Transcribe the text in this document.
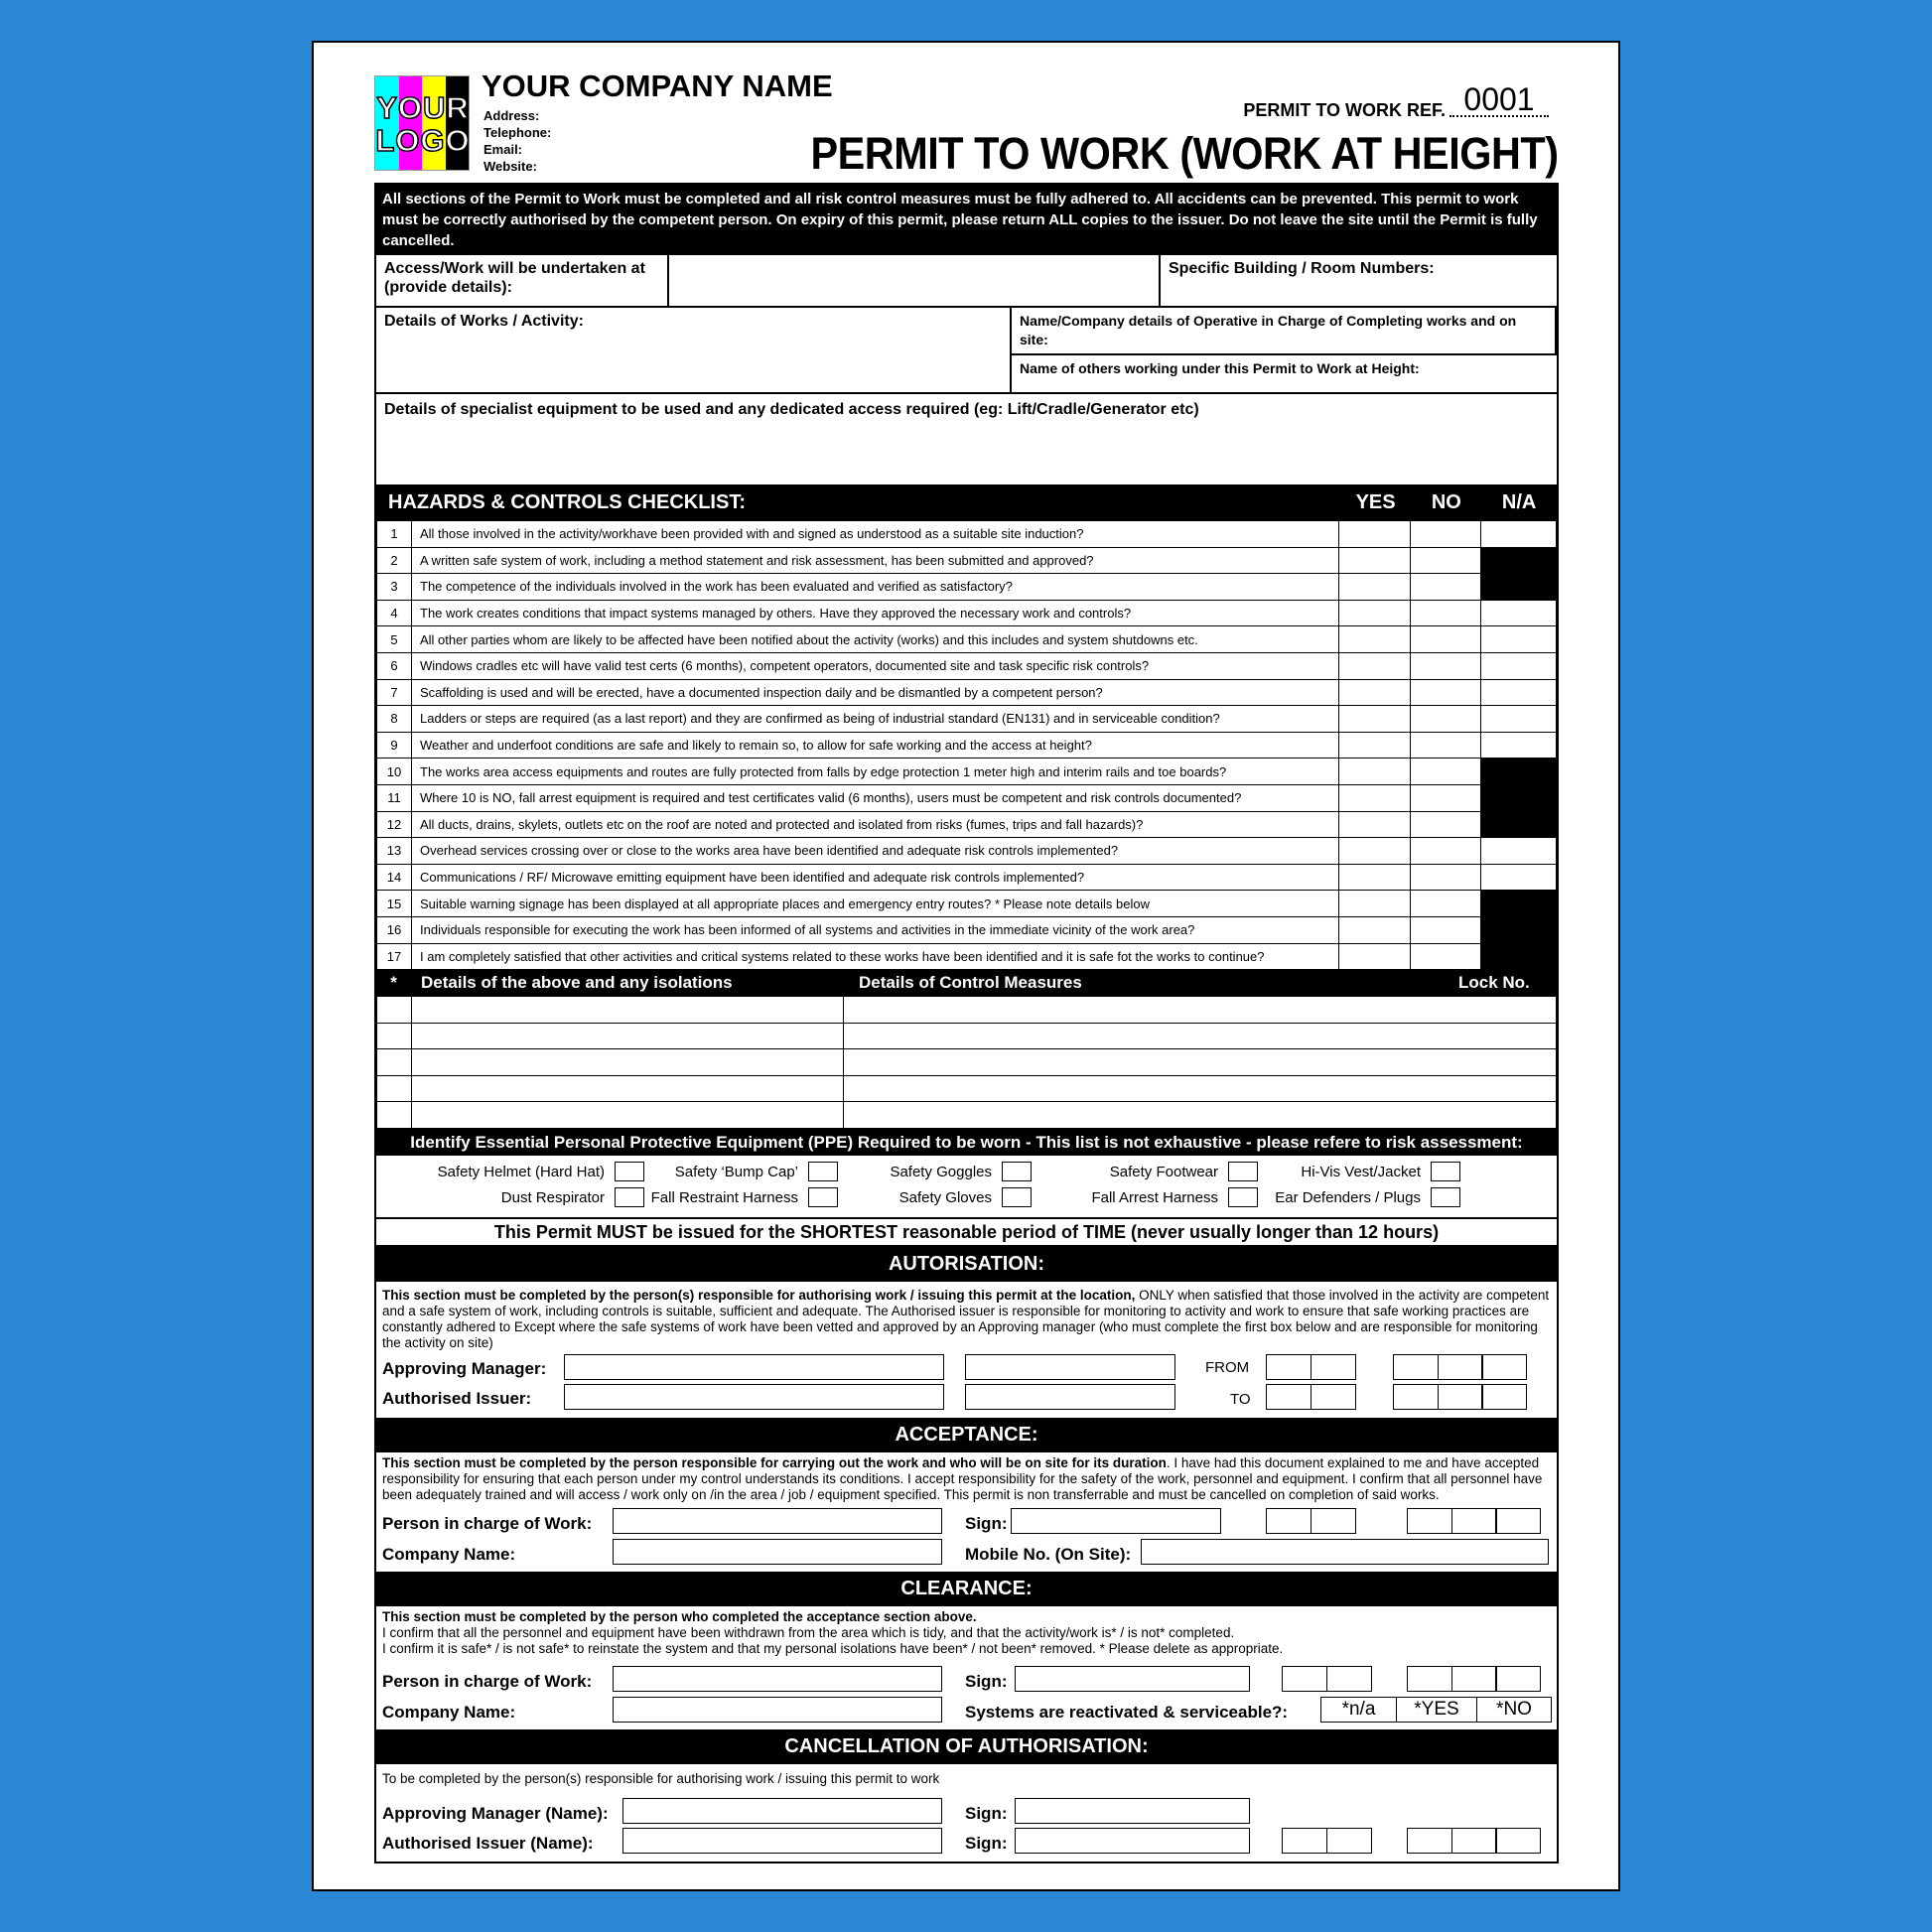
YOUR LOGO
YOUR COMPANY NAME
Address:
Telephone:
Email:
Website:
PERMIT TO WORK REF. 0001
PERMIT TO WORK (WORK AT HEIGHT)
All sections of the Permit to Work must be completed and all risk control measures must be fully adhered to. All accidents can be prevented. This permit to work must be correctly authorised by the competent person. On expiry of this permit, please return ALL copies to the issuer. Do not leave the site until the Permit is fully cancelled.
Access/Work will be undertaken at (provide details):
Specific Building / Room Numbers:
Details of Works / Activity:	Name/Company details of Operative in Charge of Completing works and on site:
Name of others working under this Permit to Work at Height:
Details of specialist equipment to be used and any dedicated access required (eg: Lift/Cradle/Generator etc)
HAZARDS & CONTROLS CHECKLIST:	YES	NO	N/A
1	All those involved in the activity/workhave been provided with and signed as understood as a suitable site induction?			
2	A written safe system of work, including a method statement and risk assessment, has been submitted and approved?			
3	The competence of the individuals involved in the work has been evaluated and verified as satisfactory?			
4	The work creates conditions that impact systems managed by others. Have they approved the necessary work and controls?			
5	All other parties whom are likely to be affected have been notified about the activity (works) and this includes and system shutdowns etc.			
6	Windows cradles etc will have valid test certs (6 months), competent operators, documented site and task specific risk controls?			
7	Scaffolding is used and will be erected, have a documented inspection daily and be dismantled by a competent person?			
8	Ladders or steps are required (as a last report) and they are confirmed as being of industrial standard (EN131) and in serviceable condition?			
9	Weather and underfoot conditions are safe and likely to remain so, to allow for safe working and the access at height?			
10	The works area access equipments and routes are fully protected from falls by edge protection 1 meter high and interim rails and toe boards?			
11	Where 10 is NO, fall arrest equipment is required and test certificates valid (6 months), users must be competent and risk controls documented?			
12	All ducts, drains, skylets, outlets etc on the roof are noted and protected and isolated from risks (fumes, trips and fall hazards)?			
13	Overhead services crossing over or close to the works area have been identified and adequate risk controls implemented?			
14	Communications / RF/ Microwave emitting equipment have been identified and adequate risk controls implemented?			
15	Suitable warning signage has been displayed at all appropriate places and emergency entry routes? * Please note details below			
16	Individuals responsible for executing the work has been informed of all systems and activities in the immediate vicinity of the work area?			
17	I am completely satisfied that other activities and critical systems related to these works have been identified and it is safe fot the works to continue?			
*	Details of the above and any isolations	Details of Control Measures	Lock No.

Identify Essential Personal Protective Equipment (PPE) Required to be worn - This list is not exhaustive - please refere to risk assessment:
Safety Helmet (Hard Hat)	Safety ‘Bump Cap’	Safety Goggles	Safety Footwear	Hi-Vis Vest/Jacket
Dust Respirator	Fall Restraint Harness	Safety Gloves	Fall Arrest Harness	Ear Defenders / Plugs
This Permit MUST be issued for the SHORTEST reasonable period of TIME (never usually longer than 12 hours)
AUTORISATION:
This section must be completed by the person(s) responsible for authorising work / issuing this permit at the location, ONLY when satisfied that those involved in the activity are competent and a safe system of work, including controls is suitable, sufficient and adequate. The Authorised issuer is responsible for monitoring to activity and work to ensure that safe working practices are constantly adhered to Except where the safe systems of work have been vetted and approved by an Approving manager (who must complete the first box below and are responsible for monitoring the activity on site)
Approving Manager:
Authorised Issuer:
FROM
TO
ACCEPTANCE:
This section must be completed by the person responsible for carrying out the work and who will be on site for its duration. I have had this document explained to me and have accepted responsibility for ensuring that each person under my control understands its conditions. I accept responsibility for the safety of the work, personnel and equipment. I confirm that all personnel have been adequately trained and will access / work only on /in the area / job / equipment specified. This permit is non transferrable and must be cancelled on completion of said works.
Person in charge of Work:	Sign:
Company Name:	Mobile No. (On Site):
CLEARANCE:
This section must be completed by the person who completed the acceptance section above.
I confirm that all the personnel and equipment have been withdrawn from the area which is tidy, and that the activity/work is* / is not* completed.
I confirm it is safe* / is not safe* to reinstate the system and that my personal isolations have been* / not been* removed. * Please delete as appropriate.
Person in charge of Work:	Sign:
Company Name:	Systems are reactivated & serviceable?:	*n/a	*YES	*NO
CANCELLATION OF AUTHORISATION:
To be completed by the person(s) responsible for authorising work / issuing this permit to work
Approving Manager (Name):	Sign:
Authorised Issuer (Name):	Sign:
